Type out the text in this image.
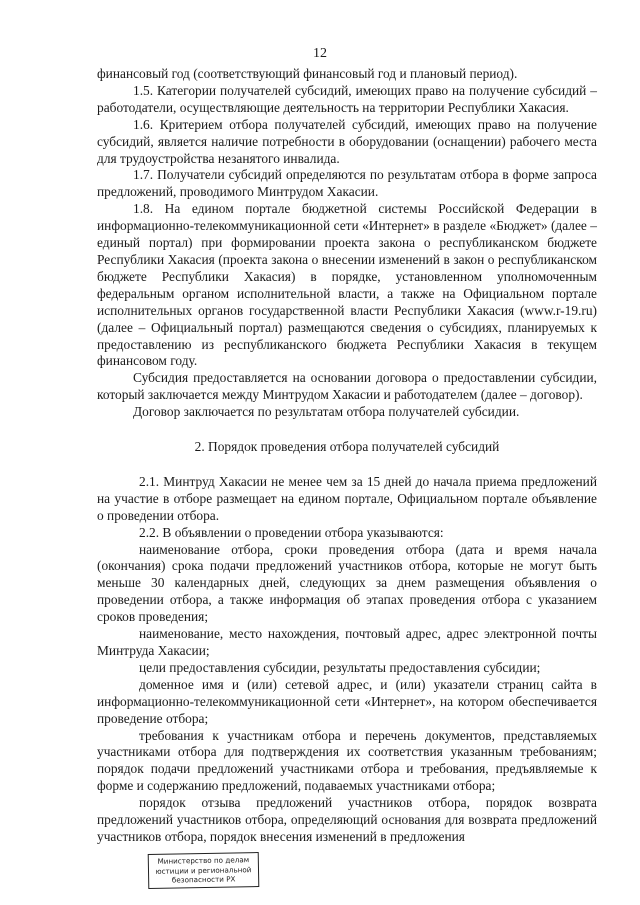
12

финансовый год (соответствующий финансовый год и плановый период).

1.5. Категории получателей субсидий, имеющих право на получение субсидий – работодатели, осуществляющие деятельность на территории Республики Хакасия.

1.6. Критерием отбора получателей субсидий, имеющих право на получение субсидий, является наличие потребности в оборудовании (оснащении) рабочего места для трудоустройства незанятого инвалида.

1.7. Получатели субсидий определяются по результатам отбора в форме запроса предложений, проводимого Минтрудом Хакасии.

1.8. На едином портале бюджетной системы Российской Федерации в информационно-телекоммуникационной сети «Интернет» в разделе «Бюджет» (далее – единый портал) при формировании проекта закона о республиканском бюджете Республики Хакасия (проекта закона о внесении изменений в закон о республиканском бюджете Республики Хакасия) в порядке, установленном уполномоченным федеральным органом исполнительной власти, а также на Официальном портале исполнительных органов государственной власти Республики Хакасия (www.r-19.ru) (далее – Официальный портал) размещаются сведения о субсидиях, планируемых к предоставлению из республиканского бюджета Республики Хакасия в текущем финансовом году.

Субсидия предоставляется на основании договора о предоставлении субсидии, который заключается между Минтрудом Хакасии и работодателем (далее – договор).

Договор заключается по результатам отбора получателей субсидии.

2. Порядок проведения отбора получателей субсидий

2.1. Минтруд Хакасии не менее чем за 15 дней до начала приема предложений на участие в отборе размещает на едином портале, Официальном портале объявление о проведении отбора.

2.2. В объявлении о проведении отбора указываются:

наименование отбора, сроки проведения отбора (дата и время начала (окончания) срока подачи предложений участников отбора, которые не могут быть меньше 30 календарных дней, следующих за днем размещения объявления о проведении отбора, а также информация об этапах проведения отбора с указанием сроков проведения;

наименование, место нахождения, почтовый адрес, адрес электронной почты Минтруда Хакасии;

цели предоставления субсидии, результаты предоставления субсидии;

доменное имя и (или) сетевой адрес, и (или) указатели страниц сайта в информационно-телекоммуникационной сети «Интернет», на котором обеспечивается проведение отбора;

требования к участникам отбора и перечень документов, представляемых участниками отбора для подтверждения их соответствия указанным требованиям; порядок подачи предложений участниками отбора и требования, предъявляемые к форме и содержанию предложений, подаваемых участниками отбора;

порядок отзыва предложений участников отбора, порядок возврата предложений участников отбора, определяющий основания для возврата предложений участников отбора, порядок внесения изменений в предложения

Министерство по делам
юстиции и региональной
безопасности РХ
